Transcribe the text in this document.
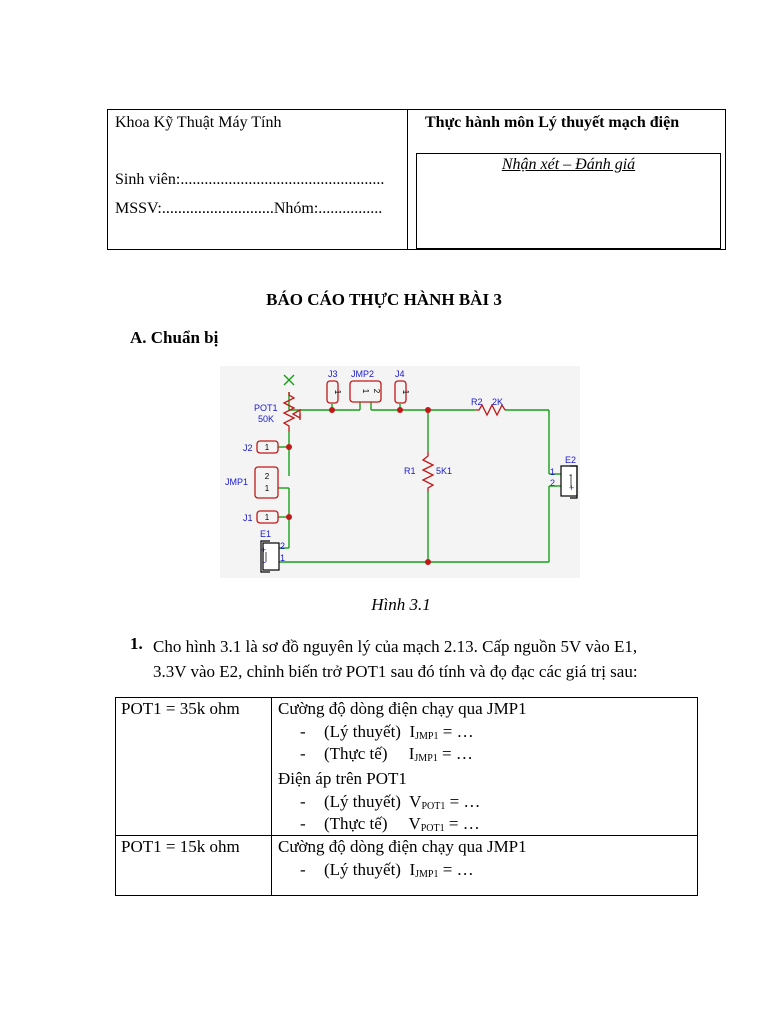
Khoa Kỹ Thuật Máy Tính
Sinh viên:...................................................
MSSV:............................Nhóm:................
Thực hành môn Lý thuyết mạch điện
Nhận xét – Đánh giá
BÁO CÁO THỰC HÀNH BÀI 3
A. Chuẩn bị
POT1
50K
J2
JMP1
J1
E1
J3 JMP2 J4
R2 2K
R1 5K1
E2
1
2
2
1
+
-
+
-
1
1
2
1
1	1
1 2
Hình 3.1
1. Cho hình 3.1 là sơ đồ nguyên lý của mạch 2.13. Cấp nguồn 5V vào E1,
3.3V vào E2, chỉnh biến trở POT1 sau đó tính và đọ đạc các giá trị sau:
POT1 = 35k ohm Cường độ dòng điện chạy qua JMP1
- (Lý thuyết) $I_{JMP1}$ = …
- (Thực tế) $I_{JMP1}$ = …
Điện áp trên POT1
- (Lý thuyết) $V_{POT1}$ = …
- (Thực tế) $V_{POT1}$ = …
POT1 = 15k ohm Cường độ dòng điện chạy qua JMP1
- (Lý thuyết) $I_{JMP1}$ = …
